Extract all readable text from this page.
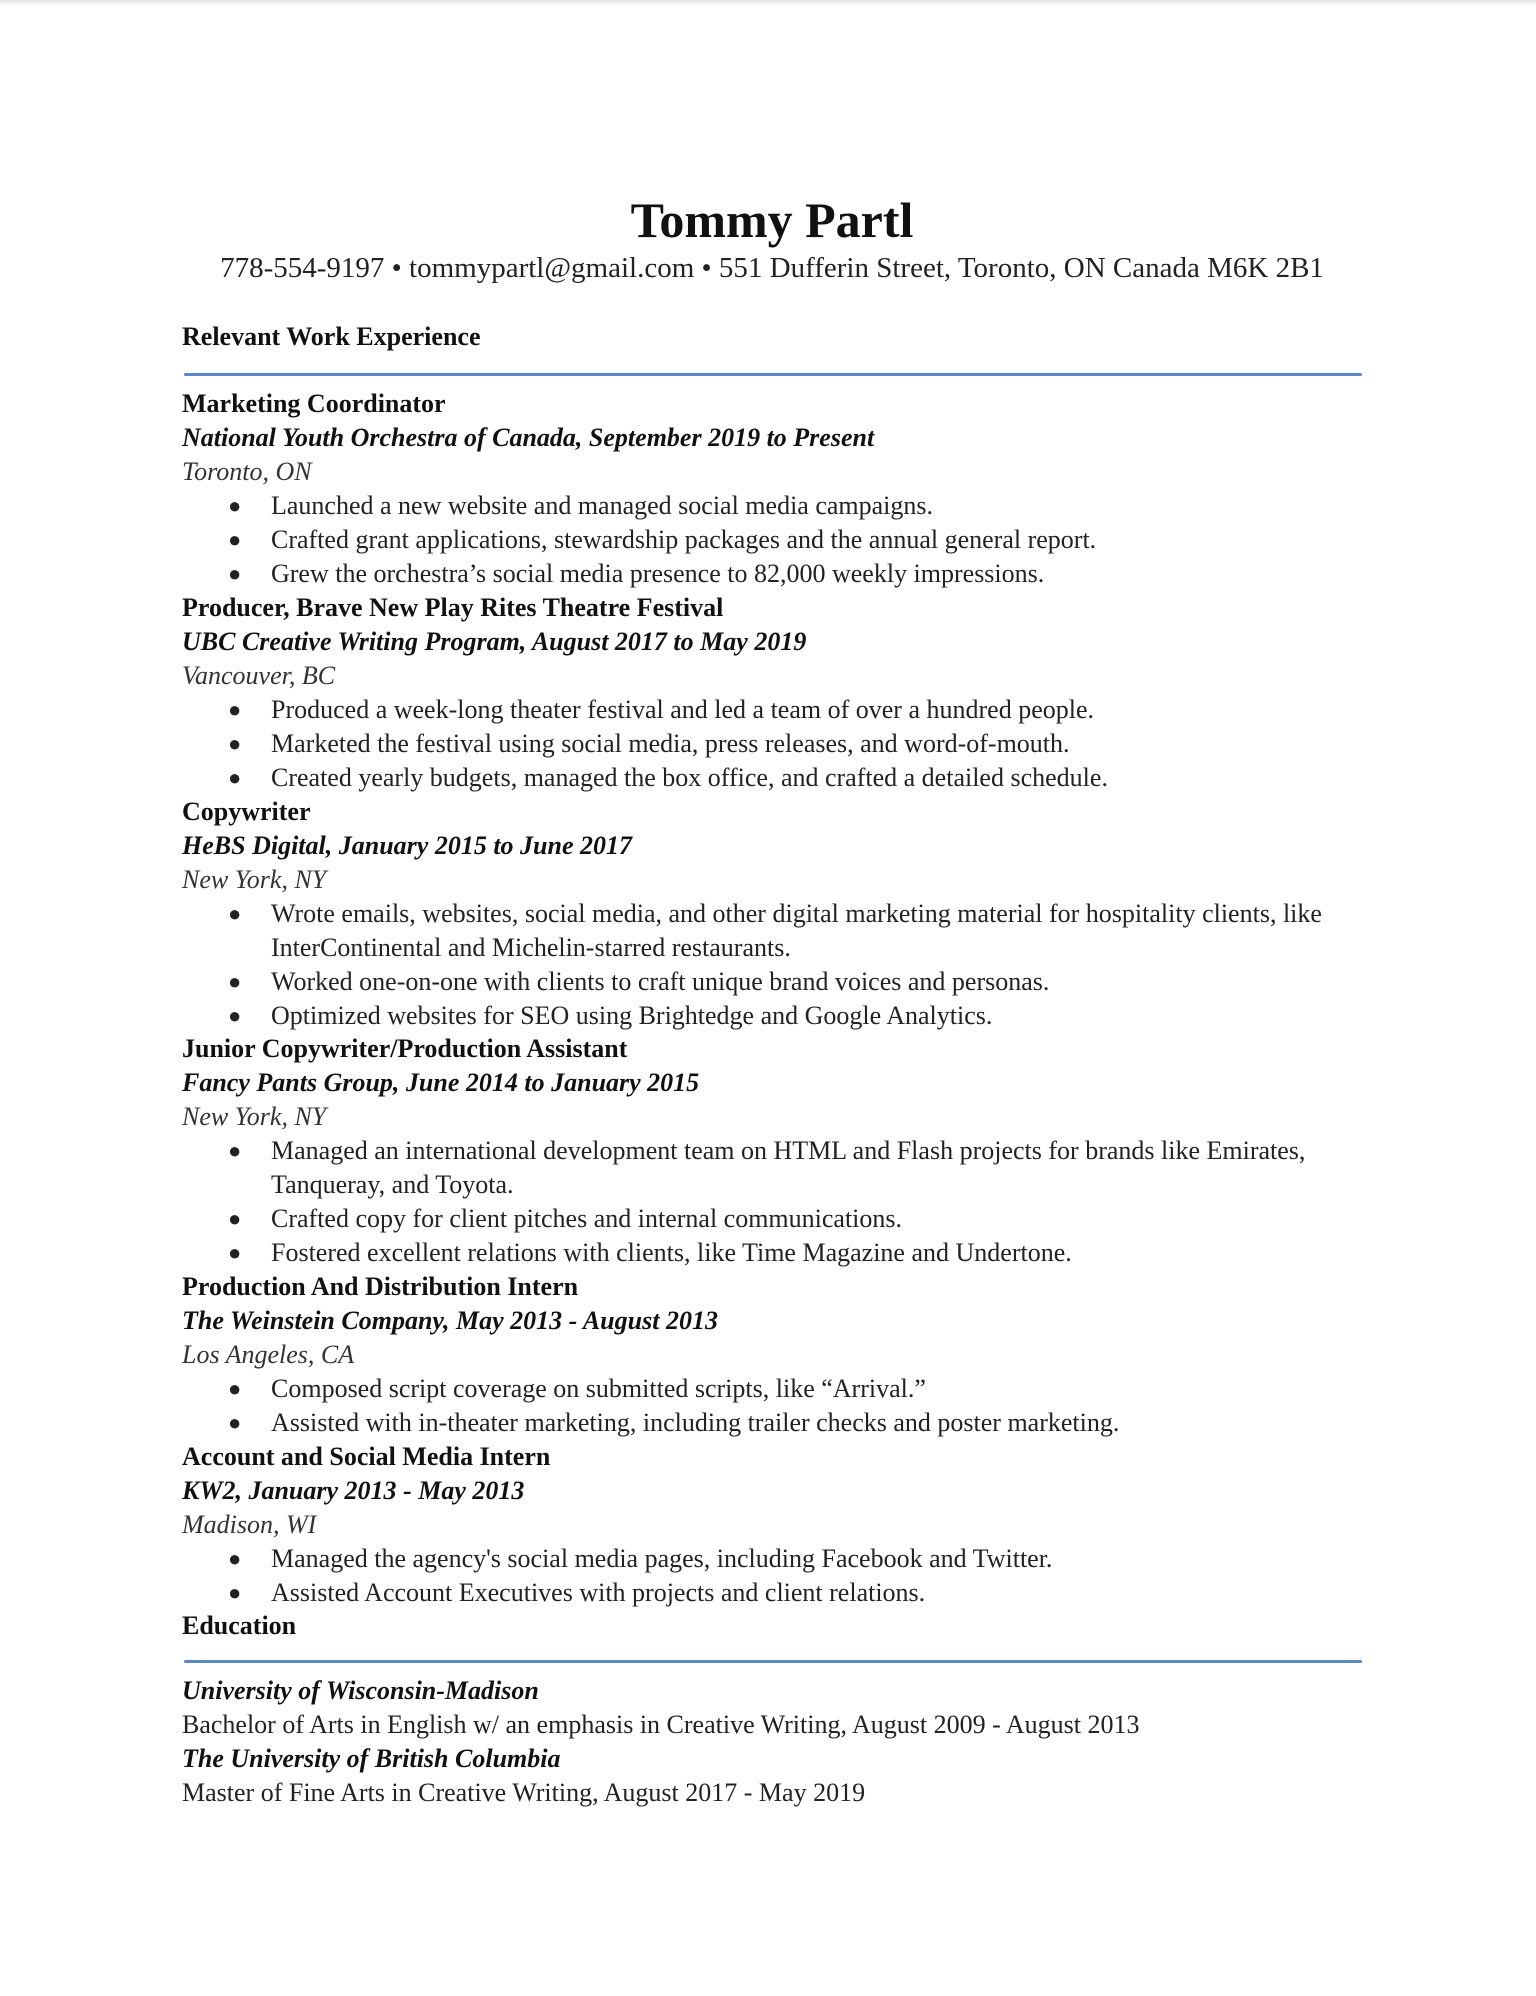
Tommy Partl
778-554-9197 • tommypartl@gmail.com • 551 Dufferin Street, Toronto, ON Canada M6K 2B1
Relevant Work Experience
Marketing Coordinator
National Youth Orchestra of Canada, September 2019 to Present
Toronto, ON
● Launched a new website and managed social media campaigns.
● Crafted grant applications, stewardship packages and the annual general report.
● Grew the orchestra’s social media presence to 82,000 weekly impressions.
Producer, Brave New Play Rites Theatre Festival
UBC Creative Writing Program, August 2017 to May 2019
Vancouver, BC
● Produced a week-long theater festival and led a team of over a hundred people.
● Marketed the festival using social media, press releases, and word-of-mouth.
● Created yearly budgets, managed the box office, and crafted a detailed schedule.
Copywriter
HeBS Digital, January 2015 to June 2017
New York, NY
● Wrote emails, websites, social media, and other digital marketing material for hospitality clients, like InterContinental and Michelin-starred restaurants.
● Worked one-on-one with clients to craft unique brand voices and personas.
● Optimized websites for SEO using Brightedge and Google Analytics.
Junior Copywriter/Production Assistant
Fancy Pants Group, June 2014 to January 2015
New York, NY
● Managed an international development team on HTML and Flash projects for brands like Emirates, Tanqueray, and Toyota.
● Crafted copy for client pitches and internal communications.
● Fostered excellent relations with clients, like Time Magazine and Undertone.
Production And Distribution Intern
The Weinstein Company, May 2013 - August 2013
Los Angeles, CA
● Composed script coverage on submitted scripts, like “Arrival.”
● Assisted with in-theater marketing, including trailer checks and poster marketing.
Account and Social Media Intern
KW2, January 2013 - May 2013
Madison, WI
● Managed the agency's social media pages, including Facebook and Twitter.
● Assisted Account Executives with projects and client relations.
Education
University of Wisconsin-Madison
Bachelor of Arts in English w/ an emphasis in Creative Writing, August 2009 - August 2013
The University of British Columbia
Master of Fine Arts in Creative Writing, August 2017 - May 2019
